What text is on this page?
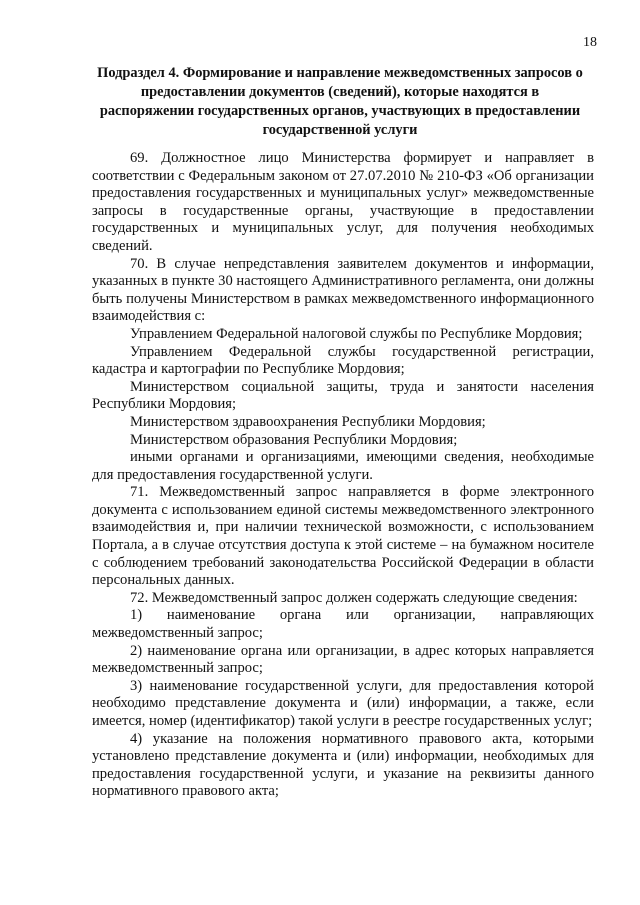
18
Подраздел 4. Формирование и направление межведомственных запросов о предоставлении документов (сведений), которые находятся в распоряжении государственных органов, участвующих в предоставлении государственной услуги

69. Должностное лицо Министерства формирует и направляет в соответствии с Федеральным законом от 27.07.2010 № 210-ФЗ «Об организации предоставления государственных и муниципальных услуг» межведомственные запросы в государственные органы, участвующие в предоставлении государственных и муниципальных услуг, для получения необходимых сведений.

70. В случае непредставления заявителем документов и информации, указанных в пункте 30 настоящего Административного регламента, они должны быть получены Министерством в рамках межведомственного информационного взаимодействия с:

Управлением Федеральной налоговой службы по Республике Мордовия;

Управлением Федеральной службы государственной регистрации, кадастра и картографии по Республике Мордовия;

Министерством социальной защиты, труда и занятости населения Республики Мордовия;

Министерством здравоохранения Республики Мордовия;

Министерством образования Республики Мордовия;

иными органами и организациями, имеющими сведения, необходимые для предоставления государственной услуги.

71. Межведомственный запрос направляется в форме электронного документа с использованием единой системы межведомственного электронного взаимодействия и, при наличии технической возможности, с использованием Портала, а в случае отсутствия доступа к этой системе – на бумажном носителе с соблюдением требований законодательства Российской Федерации в области персональных данных.

72. Межведомственный запрос должен содержать следующие сведения:

1) наименование органа или организации, направляющих межведомственный запрос;

2) наименование органа или организации, в адрес которых направляется межведомственный запрос;

3) наименование государственной услуги, для предоставления которой необходимо представление документа и (или) информации, а также, если имеется, номер (идентификатор) такой услуги в реестре государственных услуг;

4) указание на положения нормативного правового акта, которыми установлено представление документа и (или) информации, необходимых для предоставления государственной услуги, и указание на реквизиты данного нормативного правового акта;
